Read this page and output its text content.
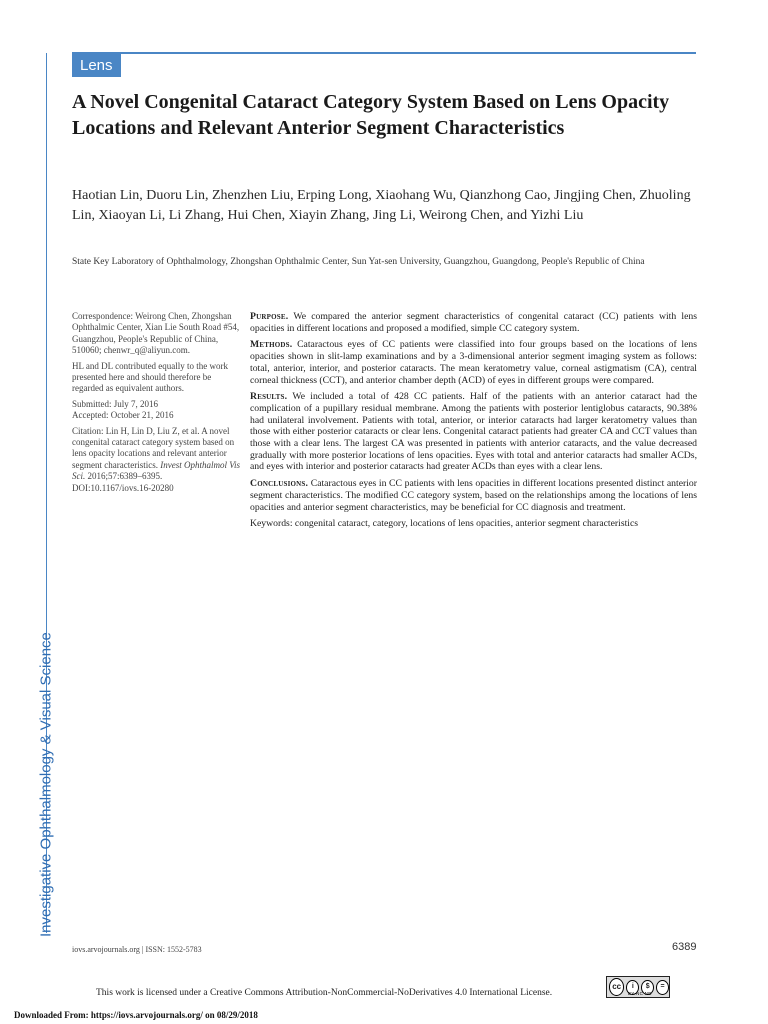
Lens
Investigative Ophthalmology & Visual Science
A Novel Congenital Cataract Category System Based on Lens Opacity Locations and Relevant Anterior Segment Characteristics
Haotian Lin, Duoru Lin, Zhenzhen Liu, Erping Long, Xiaohang Wu, Qianzhong Cao, Jingjing Chen, Zhuoling Lin, Xiaoyan Li, Li Zhang, Hui Chen, Xiayin Zhang, Jing Li, Weirong Chen, and Yizhi Liu
State Key Laboratory of Ophthalmology, Zhongshan Ophthalmic Center, Sun Yat-sen University, Guangzhou, Guangdong, People's Republic of China

Correspondence: Weirong Chen, Zhongshan Ophthalmic Center, Xian Lie South Road #54, Guangzhou, People's Republic of China, 510060; chenwr_q@aliyun.com.

HL and DL contributed equally to the work presented here and should therefore be regarded as equivalent authors.

Submitted: July 7, 2016
Accepted: October 21, 2016

Citation: Lin H, Lin D, Liu Z, et al. A novel congenital cataract category system based on lens opacity locations and relevant anterior segment characteristics. Invest Ophthalmol Vis Sci. 2016;57:6389–6395. DOI:10.1167/iovs.16-20280

Purpose. We compared the anterior segment characteristics of congenital cataract (CC) patients with lens opacities in different locations and proposed a modified, simple CC category system.

Methods. Cataractous eyes of CC patients were classified into four groups based on the locations of lens opacities shown in slit-lamp examinations and by a 3-dimensional anterior segment imaging system as follows: total, anterior, interior, and posterior cataracts. The mean keratometry value, corneal astigmatism (CA), central corneal thickness (CCT), and anterior chamber depth (ACD) of eyes in different groups were compared.

Results. We included a total of 428 CC patients. Half of the patients with an anterior cataract had the complication of a pupillary residual membrane. Among the patients with posterior lentiglobus cataracts, 90.38% had unilateral involvement. Patients with total, anterior, or interior cataracts had larger keratometry values than those with either posterior cataracts or clear lens. Congenital cataract patients had greater CA and CCT values than those with a clear lens. The largest CA was presented in patients with anterior cataracts, and the value decreased gradually with more posterior locations of lens opacities. Eyes with total and anterior cataracts had smaller ACDs, and eyes with interior and posterior cataracts had greater ACDs than eyes with a clear lens.

Conclusions. Cataractous eyes in CC patients with lens opacities in different locations presented distinct anterior segment characteristics. The modified CC category system, based on the relationships among the locations of lens opacities and anterior segment characteristics, may be beneficial for CC diagnosis and treatment.

Keywords: congenital cataract, category, locations of lens opacities, anterior segment characteristics

iovs.arvojournals.org | ISSN: 1552-5783	6389
This work is licensed under a Creative Commons Attribution-NonCommercial-NoDerivatives 4.0 International License.
cc	i	$	=
BY NC ND
Downloaded From: https://iovs.arvojournals.org/ on 08/29/2018
